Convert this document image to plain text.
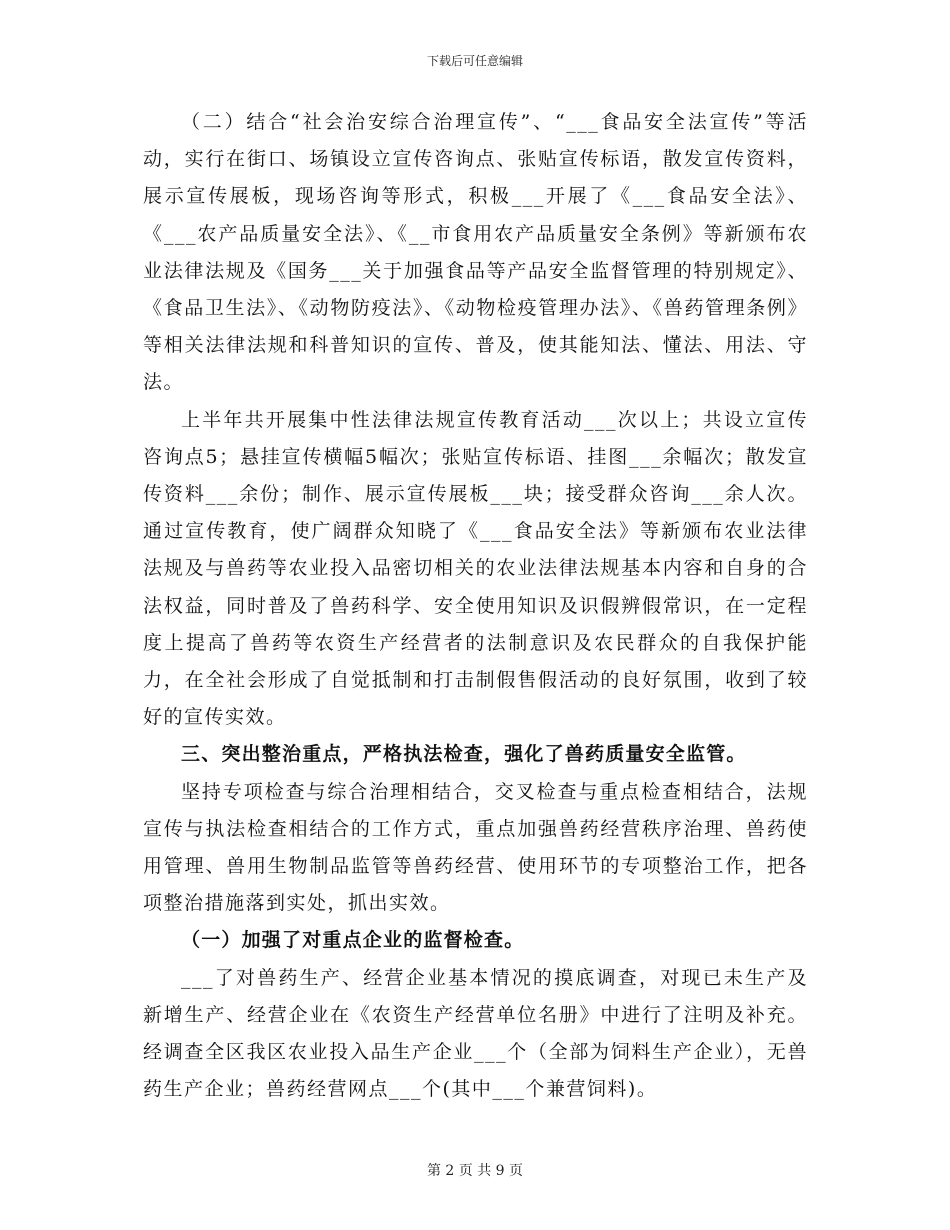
下载后可任意编辑

（二）结合“社会治安综合治理宣传”、“___食品安全法宣传”等活动，实行在街口、场镇设立宣传咨询点、张贴宣传标语，散发宣传资料，展示宣传展板，现场咨询等形式，积极___开展了《___食品安全法》、《___农产品质量安全法》、《__市食用农产品质量安全条例》等新颁布农业法律法规及《国务___关于加强食品等产品安全监督管理的特别规定》、《食品卫生法》、《动物防疫法》、《动物检疫管理办法》、《兽药管理条例》等相关法律法规和科普知识的宣传、普及，使其能知法、懂法、用法、守法。

上半年共开展集中性法律法规宣传教育活动___次以上；共设立宣传咨询点5；悬挂宣传横幅5幅次；张贴宣传标语、挂图___余幅次；散发宣传资料___余份；制作、展示宣传展板___块；接受群众咨询___余人次。通过宣传教育，使广阔群众知晓了《___食品安全法》等新颁布农业法律法规及与兽药等农业投入品密切相关的农业法律法规基本内容和自身的合法权益，同时普及了兽药科学、安全使用知识及识假辨假常识，在一定程度上提高了兽药等农资生产经营者的法制意识及农民群众的自我保护能力，在全社会形成了自觉抵制和打击制假售假活动的良好氛围，收到了较好的宣传实效。

三、突出整治重点，严格执法检查，强化了兽药质量安全监管。

坚持专项检查与综合治理相结合，交叉检查与重点检查相结合，法规宣传与执法检查相结合的工作方式，重点加强兽药经营秩序治理、兽药使用管理、兽用生物制品监管等兽药经营、使用环节的专项整治工作，把各项整治措施落到实处，抓出实效。

（一）加强了对重点企业的监督检查。

___了对兽药生产、经营企业基本情况的摸底调查，对现已未生产及新增生产、经营企业在《农资生产经营单位名册》中进行了注明及补充。经调查全区我区农业投入品生产企业___个（全部为饲料生产企业），无兽药生产企业；兽药经营网点___个(其中___个兼营饲料)。

第 2 页 共 9 页
